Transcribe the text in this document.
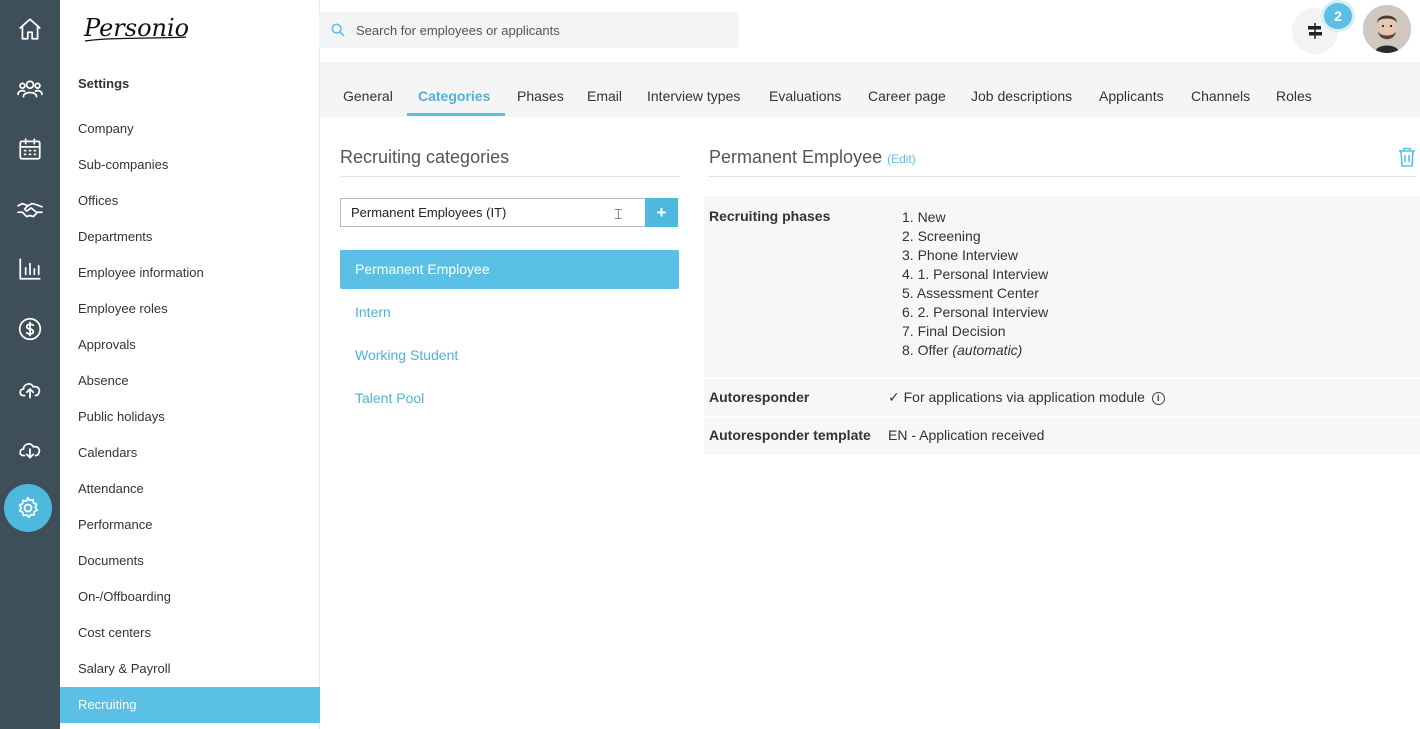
Personio
Settings
Company
Sub-companies
Offices
Departments
Employee information
Employee roles
Approvals
Absence
Public holidays
Calendars
Attendance
Performance
Documents
On-/Offboarding
Cost centers
Salary & Payroll
Recruiting
Search for employees or applicants
2
General Categories Phases Email Interview types Evaluations Career page Job descriptions Applicants Channels Roles
Recruiting categories
Permanent Employees (IT)
+
⌶
Permanent Employee
Intern
Working Student
Talent Pool
Permanent Employee (Edit)
Recruiting phases	1. New
2. Screening
3. Phone Interview
4. 1. Personal Interview
5. Assessment Center
6. 2. Personal Interview
7. Final Decision
8. Offer (automatic)
Autoresponder	✓ For applications via application module i
Autoresponder template EN - Application received
